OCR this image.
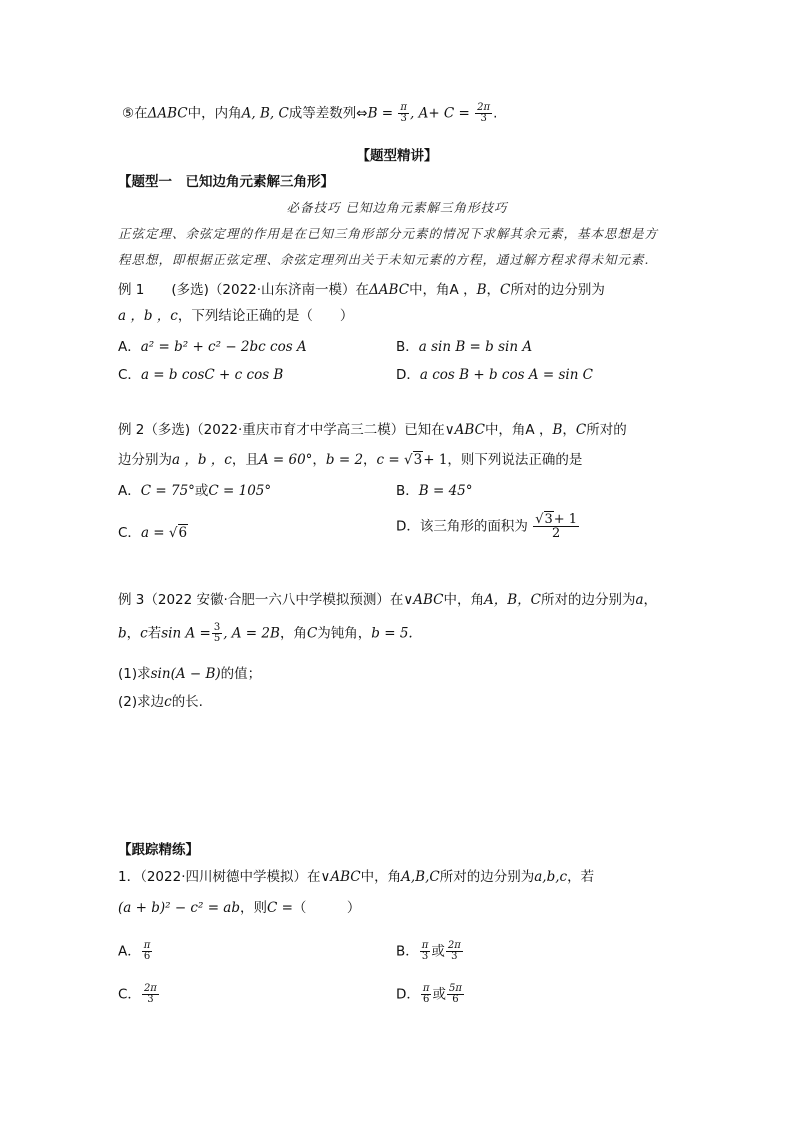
⑤在ΔABC中，内角A, B, C成等差数列⇔B = $\frac{\pi}{3}$ , $A+ C = \frac{2\pi}{3}$ .
【题型精讲】
【题型一　已知边角元素解三角形】
必备技巧 已知边角元素解三角形技巧
正弦定理、余弦定理的作用是在已知三角形部分元素的情况下求解其余元素，基本思想是方
程思想，即根据正弦定理、余弦定理列出关于未知元素的方程，通过解方程求得未知元素.
例 1　　(多选)（2022·山东济南一模）在ΔABC中，角A ，B，C所对的边分别为
a ，b ，c，下列结论正确的是（　　）
A．a² = b² + c² − 2bc cos A	B．a sin B = b sin A
C．a = b cosC + c cos B	D．a cos B + b cos A = sin C
例 2（多选)（2022·重庆市育才中学高三二模）已知在∨ABC中，角A ，B，C所对的
边分别为a ，b ，c，且A = 60°，b = 2，c = √3+ 1，则下列说法正确的是
A．C = 75°或C = 105°	B．B = 45°
C．a = √6	D．该三角形的面积为 $\frac{√3+ 1}{2}$
例 3（2022 安徽·合肥一六八中学模拟预测）在∨ABC中，角A，B，C所对的边分别为a，
b，c若$\sin A = \frac{3}{5}$ , A = 2B，角C为钝角，b = 5.
(1)求sin(A − B)的值；
(2)求边c的长.
【跟踪精练】
1．（2022·四川树德中学模拟）在∨ABC中，角A,B,C所对的边分别为a,b,c，若
(a + b)² − c² = ab，则C =（　　　）
A． $\frac{\pi}{6}$	B． $\frac{\pi}{3}$ 或 $\frac{2\pi}{3}$
C． $\frac{2\pi}{3}$	D． $\frac{\pi}{6}$ 或 $\frac{5\pi}{6}$
